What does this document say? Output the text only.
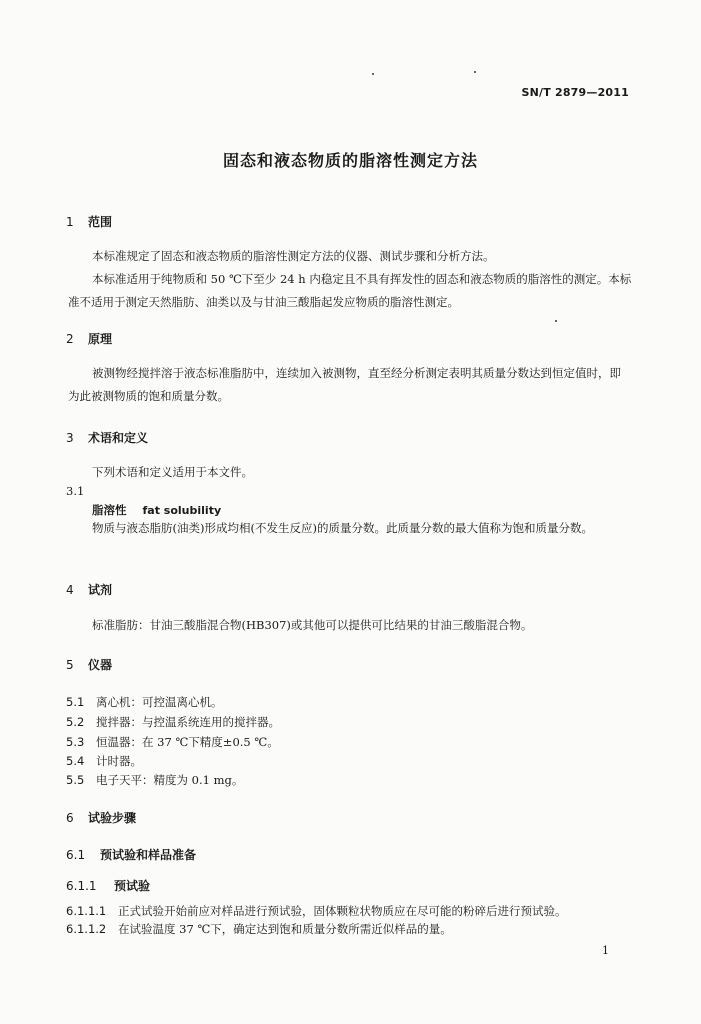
SN/T 2879—2011
固态和液态物质的脂溶性测定方法
1 范围
本标准规定了固态和液态物质的脂溶性测定方法的仪器、测试步骤和分析方法。
本标准适用于纯物质和 50 ℃下至少 24 h 内稳定且不具有挥发性的固态和液态物质的脂溶性的测定。本标准不适用于测定天然脂肪、油类以及与甘油三酸脂起发应物质的脂溶性测定。
2 原理
被测物经搅拌溶于液态标准脂肪中，连续加入被测物，直至经分析测定表明其质量分数达到恒定值时，即为此被测物质的饱和质量分数。
3 术语和定义
下列术语和定义适用于本文件。
3.1
脂溶性 fat solubility
物质与液态脂肪(油类)形成均相(不发生反应)的质量分数。此质量分数的最大值称为饱和质量分数。
4 试剂
标准脂肪：甘油三酸脂混合物(HB307)或其他可以提供可比结果的甘油三酸脂混合物。
5 仪器
5.1 离心机：可控温离心机。
5.2 搅拌器：与控温系统连用的搅拌器。
5.3 恒温器：在 37 ℃下精度±0.5 ℃。
5.4 计时器。
5.5 电子天平：精度为 0.1 mg。
6 试验步骤
6.1 预试验和样品准备
6.1.1 预试验
6.1.1.1 正式试验开始前应对样品进行预试验，固体颗粒状物质应在尽可能的粉碎后进行预试验。
6.1.1.2 在试验温度 37 ℃下，确定达到饱和质量分数所需近似样品的量。
1
